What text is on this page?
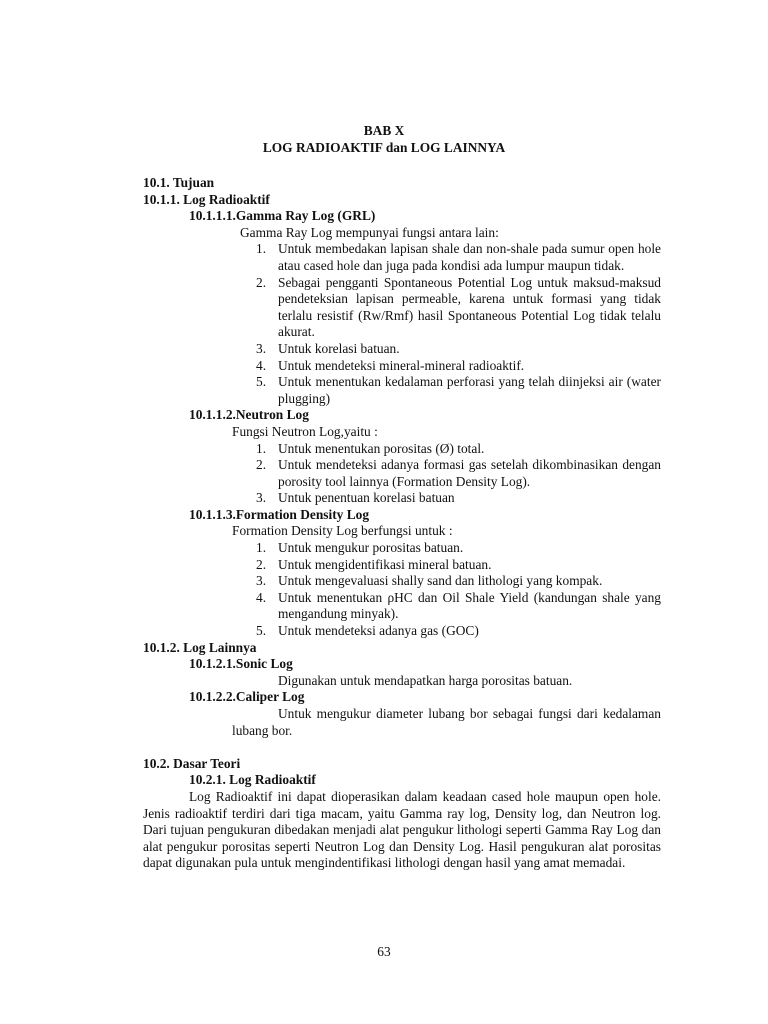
BAB X
LOG RADIOAKTIF dan LOG LAINNYA
10.1. Tujuan
10.1.1. Log Radioaktif
10.1.1.1.Gamma Ray Log (GRL)
Gamma Ray Log mempunyai fungsi antara lain:
1. Untuk membedakan lapisan shale dan non-shale pada sumur open hole atau cased hole dan juga pada kondisi ada lumpur maupun tidak.
2. Sebagai pengganti Spontaneous Potential Log untuk maksud-maksud pendeteksian lapisan permeable, karena untuk formasi yang tidak terlalu resistif (Rw/Rmf) hasil Spontaneous Potential Log tidak telalu akurat.
3. Untuk korelasi batuan.
4. Untuk mendeteksi mineral-mineral radioaktif.
5. Untuk menentukan kedalaman perforasi yang telah diinjeksi air (water plugging)
10.1.1.2.Neutron Log
Fungsi Neutron Log,yaitu :
1. Untuk menentukan porositas (Ø) total.
2. Untuk mendeteksi adanya formasi gas setelah dikombinasikan dengan porosity tool lainnya (Formation Density Log).
3. Untuk penentuan korelasi batuan
10.1.1.3.Formation Density Log
Formation Density Log berfungsi untuk :
1. Untuk mengukur porositas batuan.
2. Untuk mengidentifikasi mineral batuan.
3. Untuk mengevaluasi shally sand dan lithologi yang kompak.
4. Untuk menentukan ρHC dan Oil Shale Yield (kandungan shale yang mengandung minyak).
5. Untuk mendeteksi adanya gas (GOC)
10.1.2. Log Lainnya
10.1.2.1.Sonic Log
Digunakan untuk mendapatkan harga porositas batuan.
10.1.2.2.Caliper Log
Untuk mengukur diameter lubang bor sebagai fungsi dari kedalaman lubang bor.
10.2. Dasar Teori
10.2.1. Log Radioaktif
Log Radioaktif ini dapat dioperasikan dalam keadaan cased hole maupun open hole. Jenis radioaktif terdiri dari tiga macam, yaitu Gamma ray log, Density log, dan Neutron log. Dari tujuan pengukuran dibedakan menjadi alat pengukur lithologi seperti Gamma Ray Log dan alat pengukur porositas seperti Neutron Log dan Density Log. Hasil pengukuran alat porositas dapat digunakan pula untuk mengindentifikasi lithologi dengan hasil yang amat memadai.
63
